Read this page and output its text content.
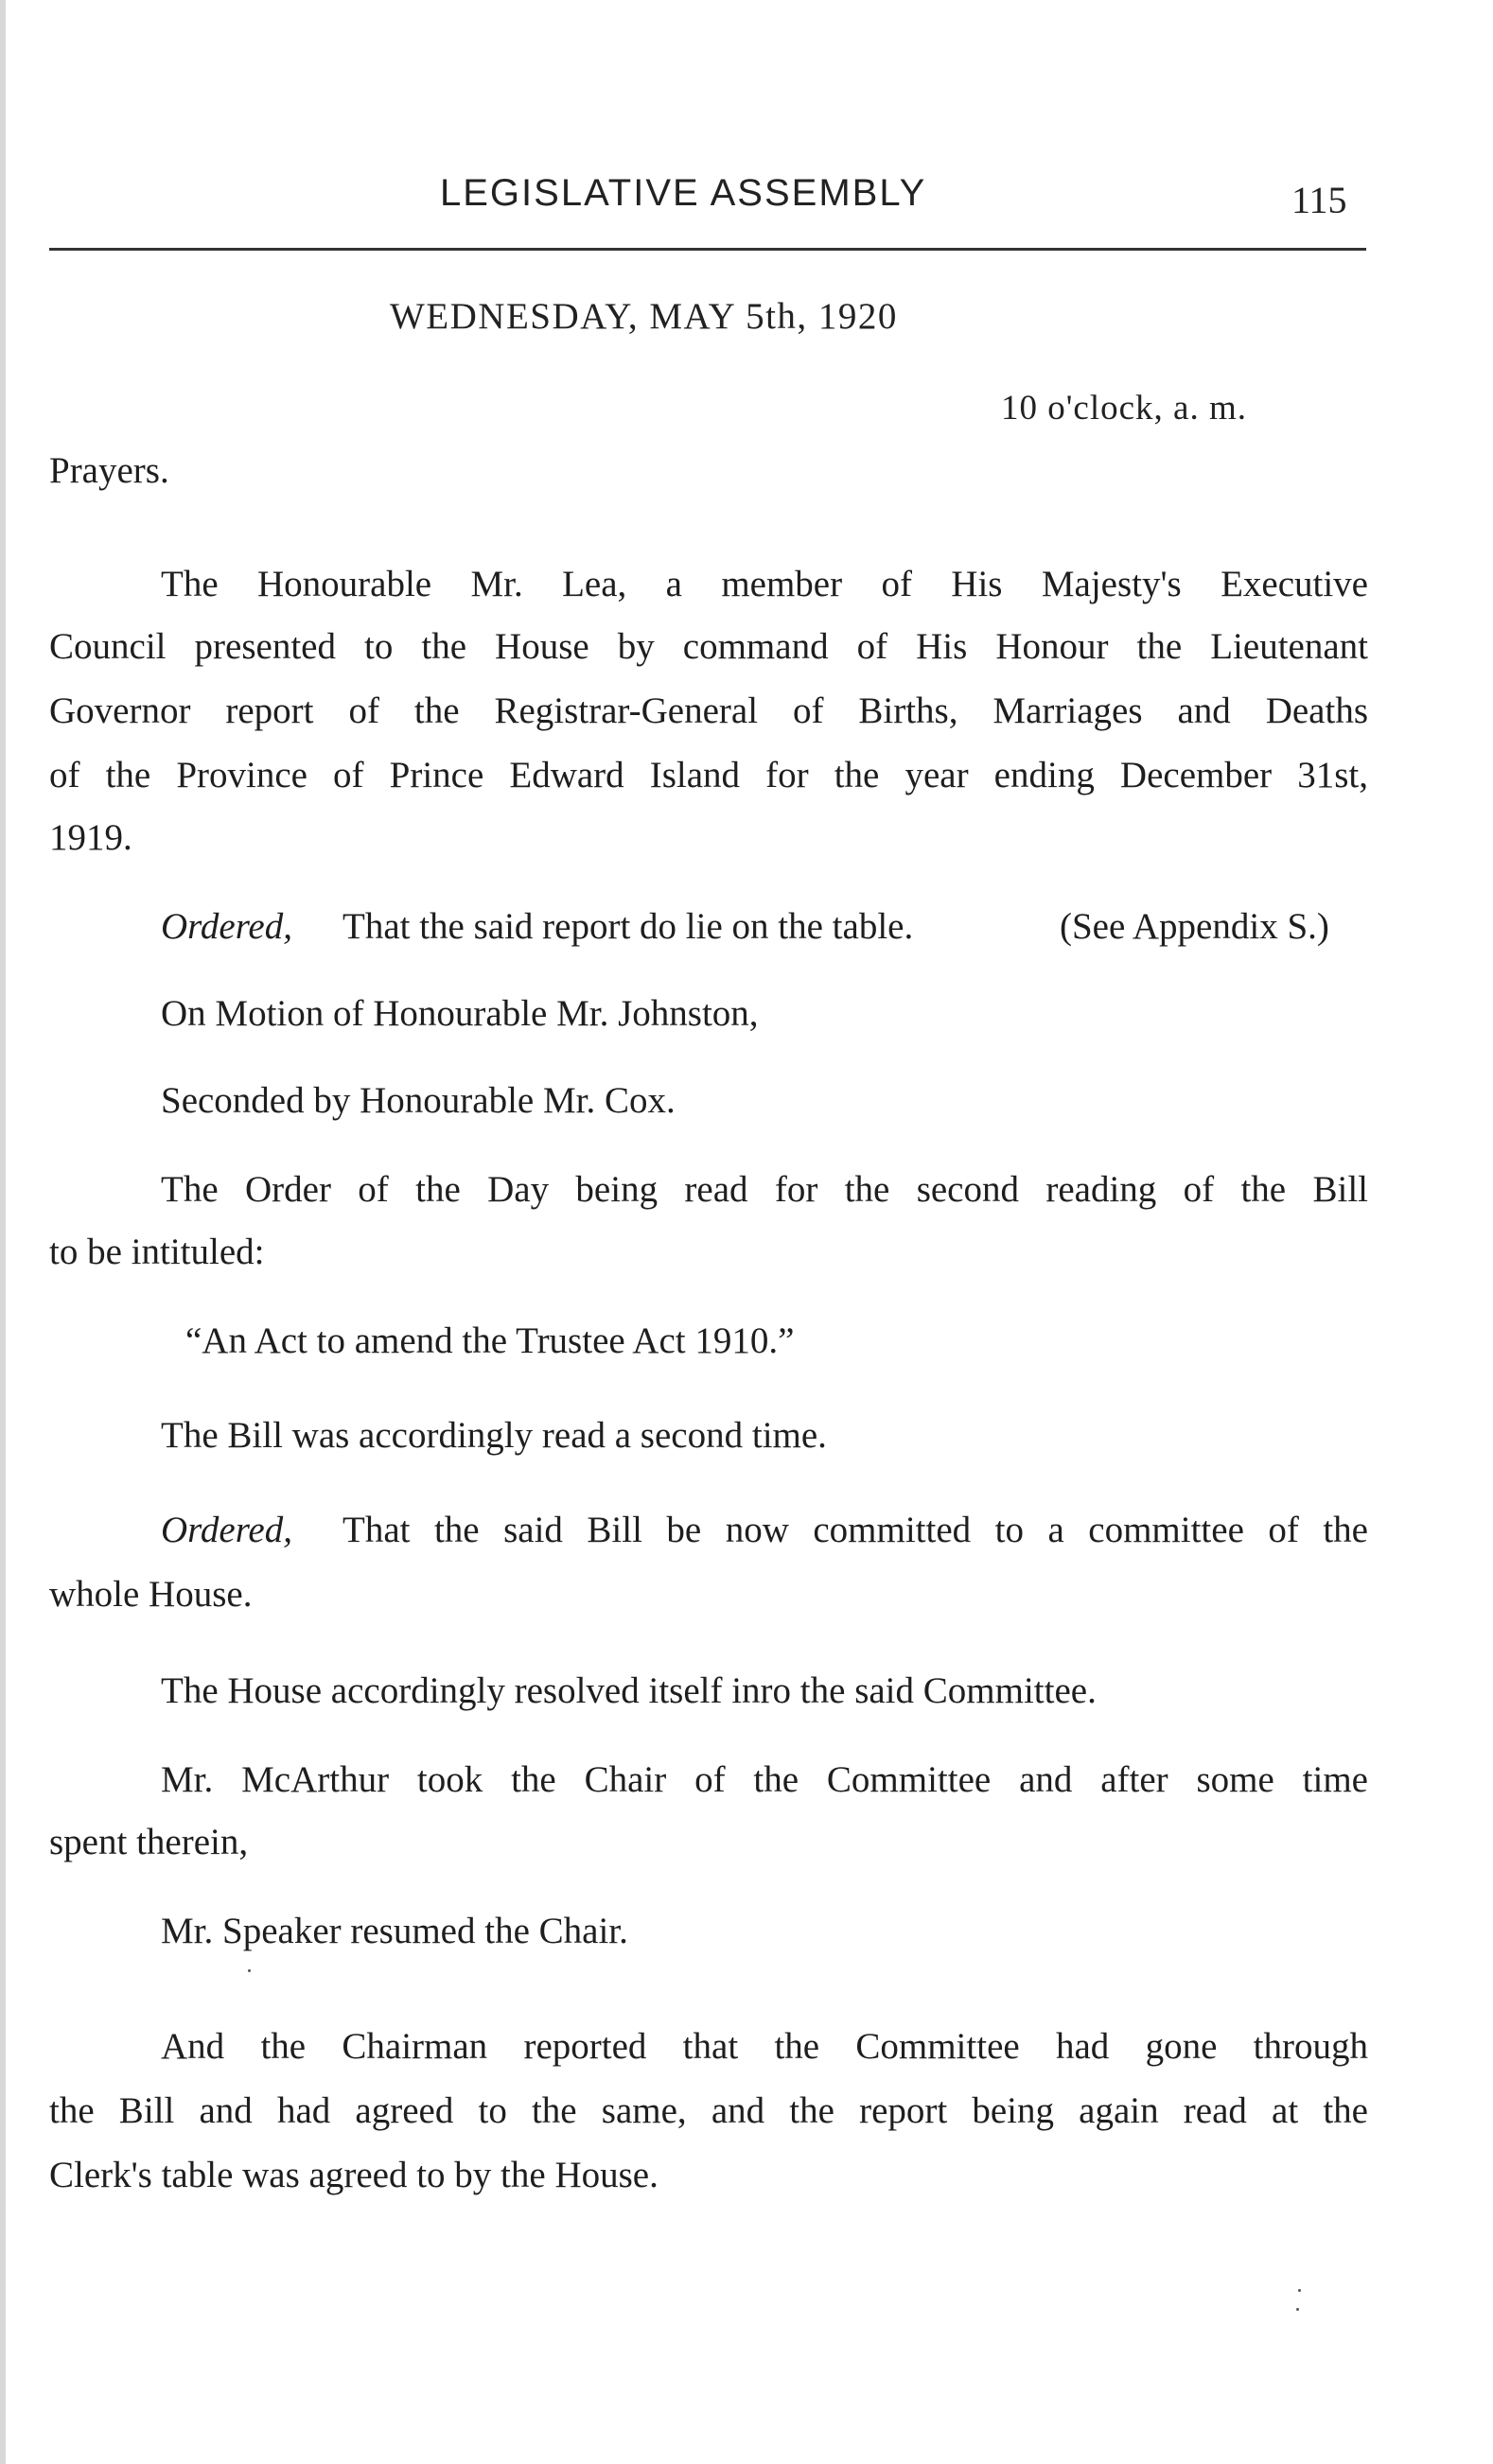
LEGISLATIVE ASSEMBLY	115
WEDNESDAY, MAY 5th, 1920
10 o'clock, a. m.
Prayers.
The Honourable Mr. Lea, a member of His Majesty's Executive
Council presented to the House by command of His Honour the Lieutenant
Governor report of the Registrar-General of Births, Marriages and Deaths
of the Province of Prince Edward Island for the year ending December 31st,
1919.
Ordered, That the said report do lie on the table.	(See Appendix S.)
On Motion of Honourable Mr. Johnston,
Seconded by Honourable Mr. Cox.
The Order of the Day being read for the second reading of the Bill
to be intituled:
“An Act to amend the Trustee Act 1910.”
The Bill was accordingly read a second time.
Ordered, That the said Bill be now committed to a committee of the
whole House.
The House accordingly resolved itself inro the said Committee.
Mr. McArthur took the Chair of the Committee and after some time
spent therein,
Mr. Speaker resumed the Chair.
And the Chairman reported that the Committee had gone through
the Bill and had agreed to the same, and the report being again read at the
Clerk's table was agreed to by the House.
